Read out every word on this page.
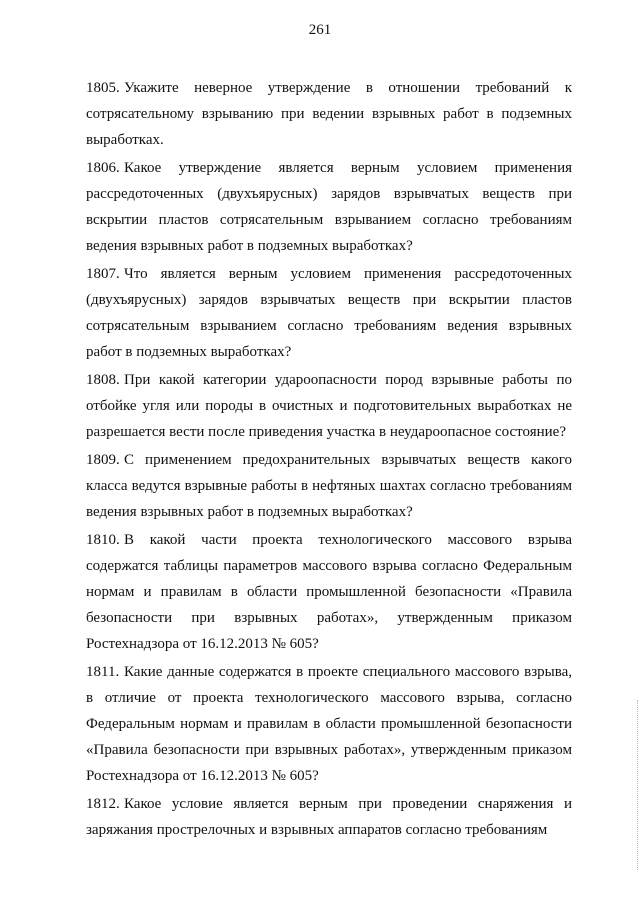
261
1805. Укажите неверное утверждение в отношении требований к сотрясательному взрыванию при ведении взрывных работ в подземных выработках.
1806. Какое утверждение является верным условием применения рассредоточенных (двухъярусных) зарядов взрывчатых веществ при вскрытии пластов сотрясательным взрыванием согласно требованиям ведения взрывных работ в подземных выработках?
1807. Что является верным условием применения рассредоточенных (двухъярусных) зарядов взрывчатых веществ при вскрытии пластов сотрясательным взрыванием согласно требованиям ведения взрывных работ в подземных выработках?
1808. При какой категории удароопасности пород взрывные работы по отбойке угля или породы в очистных и подготовительных выработках не разрешается вести после приведения участка в неудароопасное состояние?
1809. С применением предохранительных взрывчатых веществ какого класса ведутся взрывные работы в нефтяных шахтах согласно требованиям ведения взрывных работ в подземных выработках?
1810. В какой части проекта технологического массового взрыва содержатся таблицы параметров массового взрыва согласно Федеральным нормам и правилам в области промышленной безопасности «Правила безопасности при взрывных работах», утвержденным приказом Ростехнадзора от 16.12.2013 № 605?
1811. Какие данные содержатся в проекте специального массового взрыва, в отличие от проекта технологического массового взрыва, согласно Федеральным нормам и правилам в области промышленной безопасности «Правила безопасности при взрывных работах», утвержденным приказом Ростехнадзора от 16.12.2013 № 605?
1812. Какое условие является верным при проведении снаряжения и заряжания прострелочных и взрывных аппаратов согласно требованиям
